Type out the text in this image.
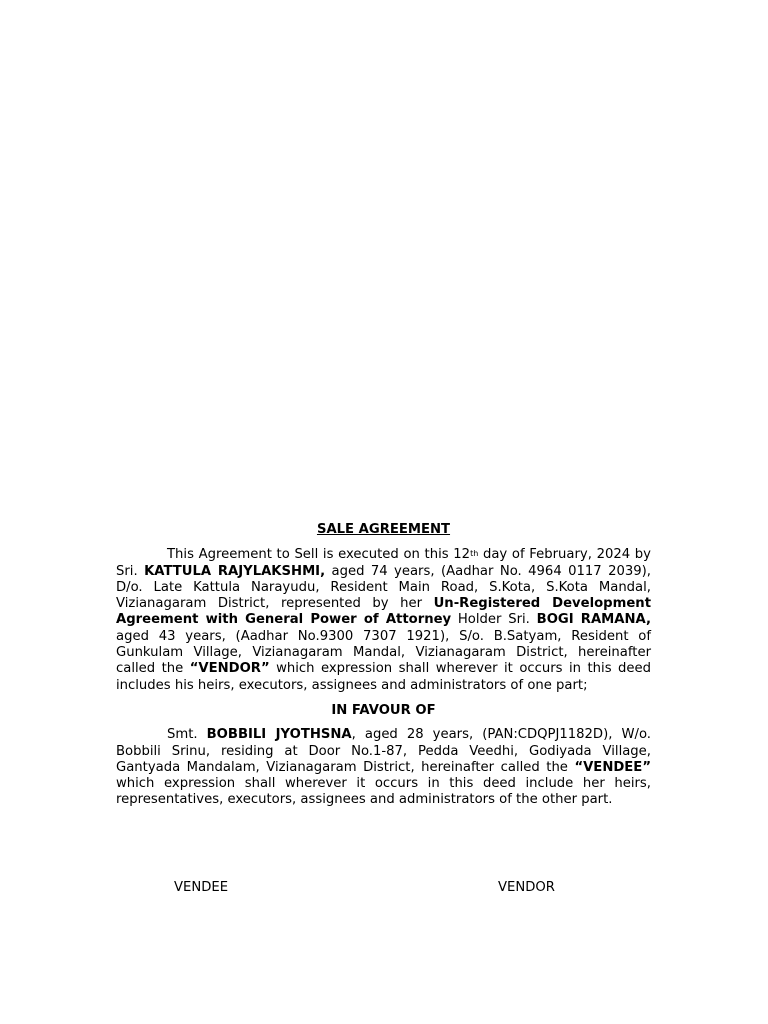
SALE AGREEMENT

This Agreement to Sell is executed on this 12th day of February, 2024 by Sri. KATTULA RAJYLAKSHMI, aged 74 years, (Aadhar No. 4964 0117 2039), D/o. Late Kattula Narayudu, Resident Main Road, S.Kota, S.Kota Mandal, Vizianagaram District, represented by her Un-Registered Development Agreement with General Power of Attorney Holder Sri. BOGI RAMANA, aged 43 years, (Aadhar No.9300 7307 1921), S/o. B.Satyam, Resident of Gunkulam Village, Vizianagaram Mandal, Vizianagaram District, hereinafter called the “VENDOR” which expression shall wherever it occurs in this deed includes his heirs, executors, assignees and administrators of one part;

IN FAVOUR OF

Smt. BOBBILI JYOTHSNA, aged 28 years, (PAN:CDQPJ1182D), W/o. Bobbili Srinu, residing at Door No.1-87, Pedda Veedhi, Godiyada Village, Gantyada Mandalam, Vizianagaram District, hereinafter called the “VENDEE” which expression shall wherever it occurs in this deed include her heirs, representatives, executors, assignees and administrators of the other part.

VENDEE	VENDOR
